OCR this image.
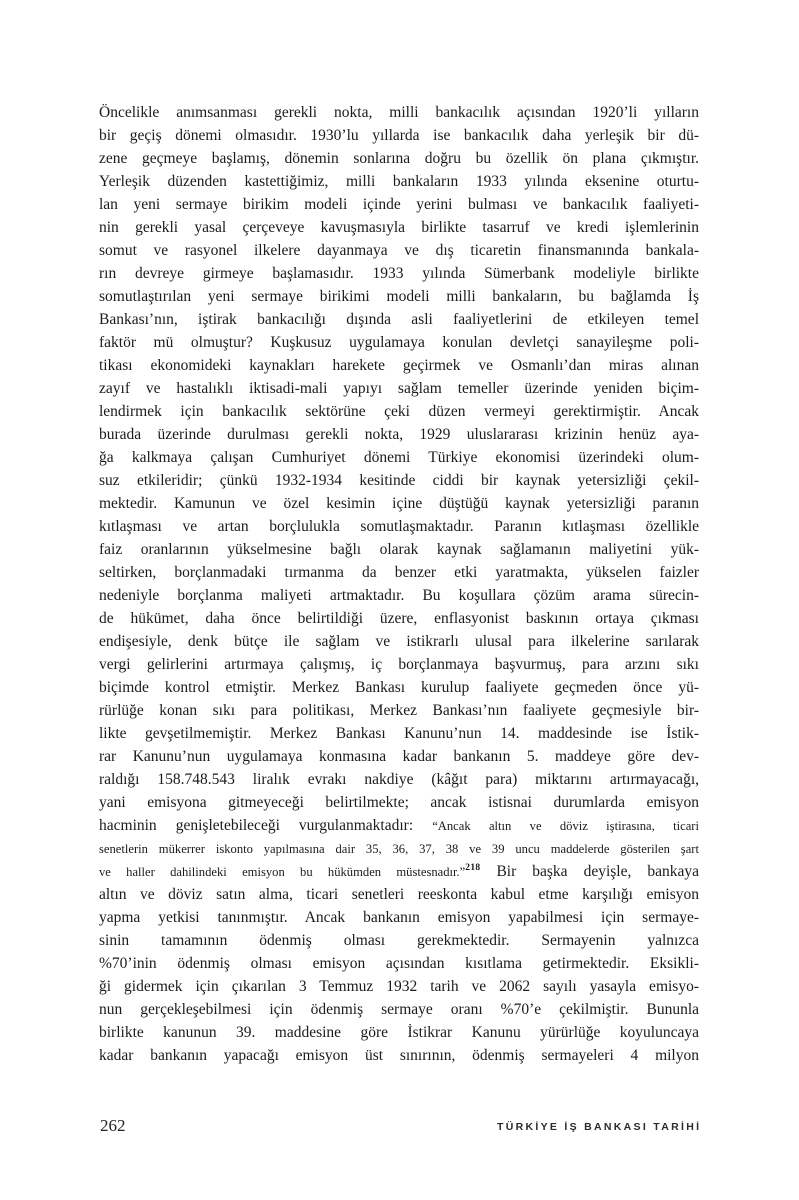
Öncelikle anımsanması gerekli nokta, milli bankacılık açısından 1920’li yılların
bir geçiş dönemi olmasıdır. 1930’lu yıllarda ise bankacılık daha yerleşik bir dü-
zene geçmeye başlamış, dönemin sonlarına doğru bu özellik ön plana çıkmıştır.
Yerleşik düzenden kastettiğimiz, milli bankaların 1933 yılında eksenine oturtu-
lan yeni sermaye birikim modeli içinde yerini bulması ve bankacılık faaliyeti-
nin gerekli yasal çerçeveye kavuşmasıyla birlikte tasarruf ve kredi işlemlerinin
somut ve rasyonel ilkelere dayanmaya ve dış ticaretin finansmanında bankala-
rın devreye girmeye başlamasıdır. 1933 yılında Sümerbank modeliyle birlikte
somutlaştırılan yeni sermaye birikimi modeli milli bankaların, bu bağlamda İş
Bankası’nın, iştirak bankacılığı dışında asli faaliyetlerini de etkileyen temel
faktör mü olmuştur? Kuşkusuz uygulamaya konulan devletçi sanayileşme poli-
tikası ekonomideki kaynakları harekete geçirmek ve Osmanlı’dan miras alınan
zayıf ve hastalıklı iktisadi-mali yapıyı sağlam temeller üzerinde yeniden biçim-
lendirmek için bankacılık sektörüne çeki düzen vermeyi gerektirmiştir. Ancak
burada üzerinde durulması gerekli nokta, 1929 uluslararası krizinin henüz aya-
ğa kalkmaya çalışan Cumhuriyet dönemi Türkiye ekonomisi üzerindeki olum-
suz etkileridir; çünkü 1932-1934 kesitinde ciddi bir kaynak yetersizliği çekil-
mektedir. Kamunun ve özel kesimin içine düştüğü kaynak yetersizliği paranın
kıtlaşması ve artan borçlulukla somutlaşmaktadır. Paranın kıtlaşması özellikle
faiz oranlarının yükselmesine bağlı olarak kaynak sağlamanın maliyetini yük-
seltirken, borçlanmadaki tırmanma da benzer etki yaratmakta, yükselen faizler
nedeniyle borçlanma maliyeti artmaktadır. Bu koşullara çözüm arama sürecin-
de hükümet, daha önce belirtildiği üzere, enflasyonist baskının ortaya çıkması
endişesiyle, denk bütçe ile sağlam ve istikrarlı ulusal para ilkelerine sarılarak
vergi gelirlerini artırmaya çalışmış, iç borçlanmaya başvurmuş, para arzını sıkı
biçimde kontrol etmiştir. Merkez Bankası kurulup faaliyete geçmeden önce yü-
rürlüğe konan sıkı para politikası, Merkez Bankası’nın faaliyete geçmesiyle bir-
likte gevşetilmemiştir. Merkez Bankası Kanunu’nun 14. maddesinde ise İstik-
rar Kanunu’nun uygulamaya konmasına kadar bankanın 5. maddeye göre dev-
raldığı 158.748.543 liralık evrakı nakdiye (kâğıt para) miktarını artırmayacağı,
yani emisyona gitmeyeceği belirtilmekte; ancak istisnai durumlarda emisyon
hacminin genişletebileceği vurgulanmaktadır: “Ancak altın ve döviz iştirasına, ticari
senetlerin mükerrer iskonto yapılmasına dair 35, 36, 37, 38 ve 39 uncu maddelerde gösterilen şart
ve haller dahilindeki emisyon bu hükümden müstesnadır.”$^{218}$ Bir başka deyişle, bankaya
altın ve döviz satın alma, ticari senetleri reeskonta kabul etme karşılığı emisyon
yapma yetkisi tanınmıştır. Ancak bankanın emisyon yapabilmesi için sermaye-
sinin tamamının ödenmiş olması gerekmektedir. Sermayenin yalnızca
%70’inin ödenmiş olması emisyon açısından kısıtlama getirmektedir. Eksikli-
ği gidermek için çıkarılan 3 Temmuz 1932 tarih ve 2062 sayılı yasayla emisyo-
nun gerçekleşebilmesi için ödenmiş sermaye oranı %70’e çekilmiştir. Bununla
birlikte kanunun 39. maddesine göre İstikrar Kanunu yürürlüğe koyuluncaya
kadar bankanın yapacağı emisyon üst sınırının, ödenmiş sermayeleri 4 milyon
262	TÜRKİYE İŞ BANKASI TARİHİ
